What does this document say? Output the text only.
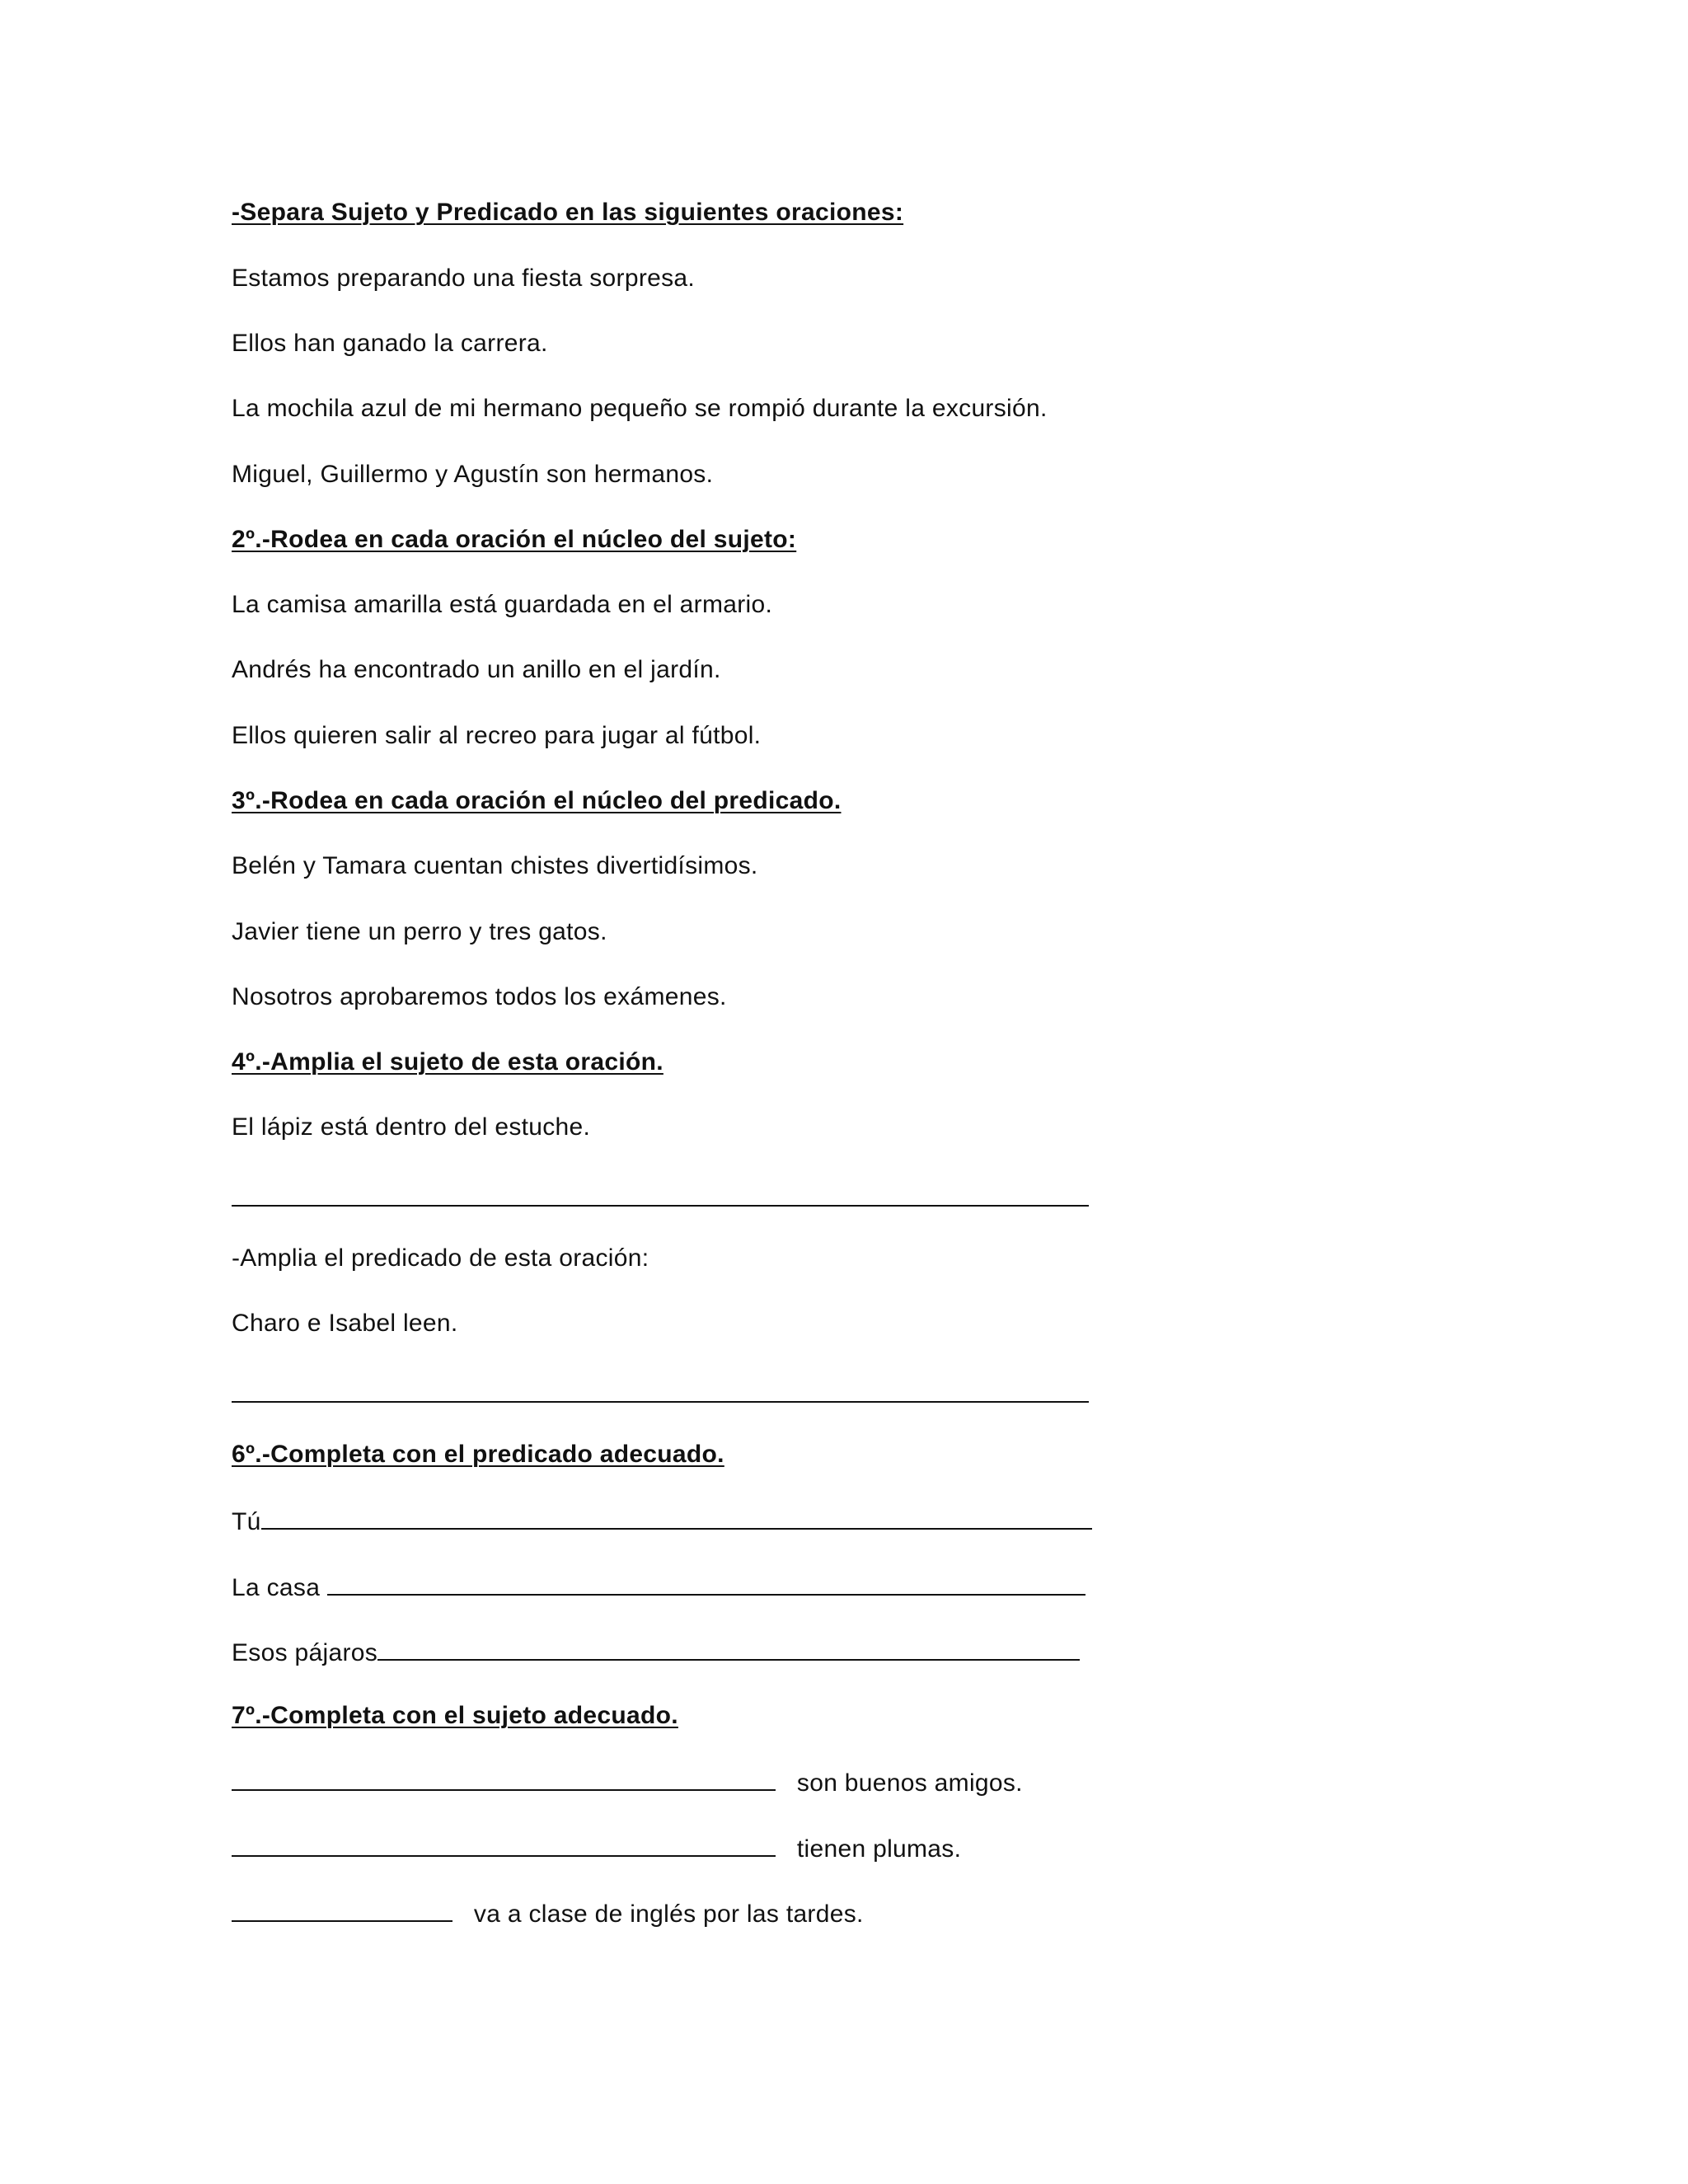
-Separa Sujeto y Predicado en las siguientes oraciones:
Estamos preparando una fiesta sorpresa.
Ellos han ganado la carrera.
La mochila azul de mi hermano pequeño se rompió durante la excursión.
Miguel, Guillermo y Agustín son hermanos.
2º.-Rodea en cada oración el núcleo del sujeto:
La camisa amarilla está guardada en el armario.
Andrés ha encontrado un anillo en el jardín.
Ellos quieren salir al recreo para jugar al fútbol.
3º.-Rodea en cada oración el núcleo del predicado.
Belén y Tamara cuentan chistes divertidísimos.
Javier tiene un perro y tres gatos.
Nosotros aprobaremos todos los exámenes.
4º.-Amplia el sujeto de esta oración.
El lápiz está dentro del estuche.
-Amplia el predicado de esta oración:
Charo e Isabel leen.
6º.-Completa con el predicado adecuado.
Tú
La casa
Esos pájaros
7º.-Completa con el sujeto adecuado.
son buenos amigos.
tienen plumas.
va a clase de inglés por las tardes.
